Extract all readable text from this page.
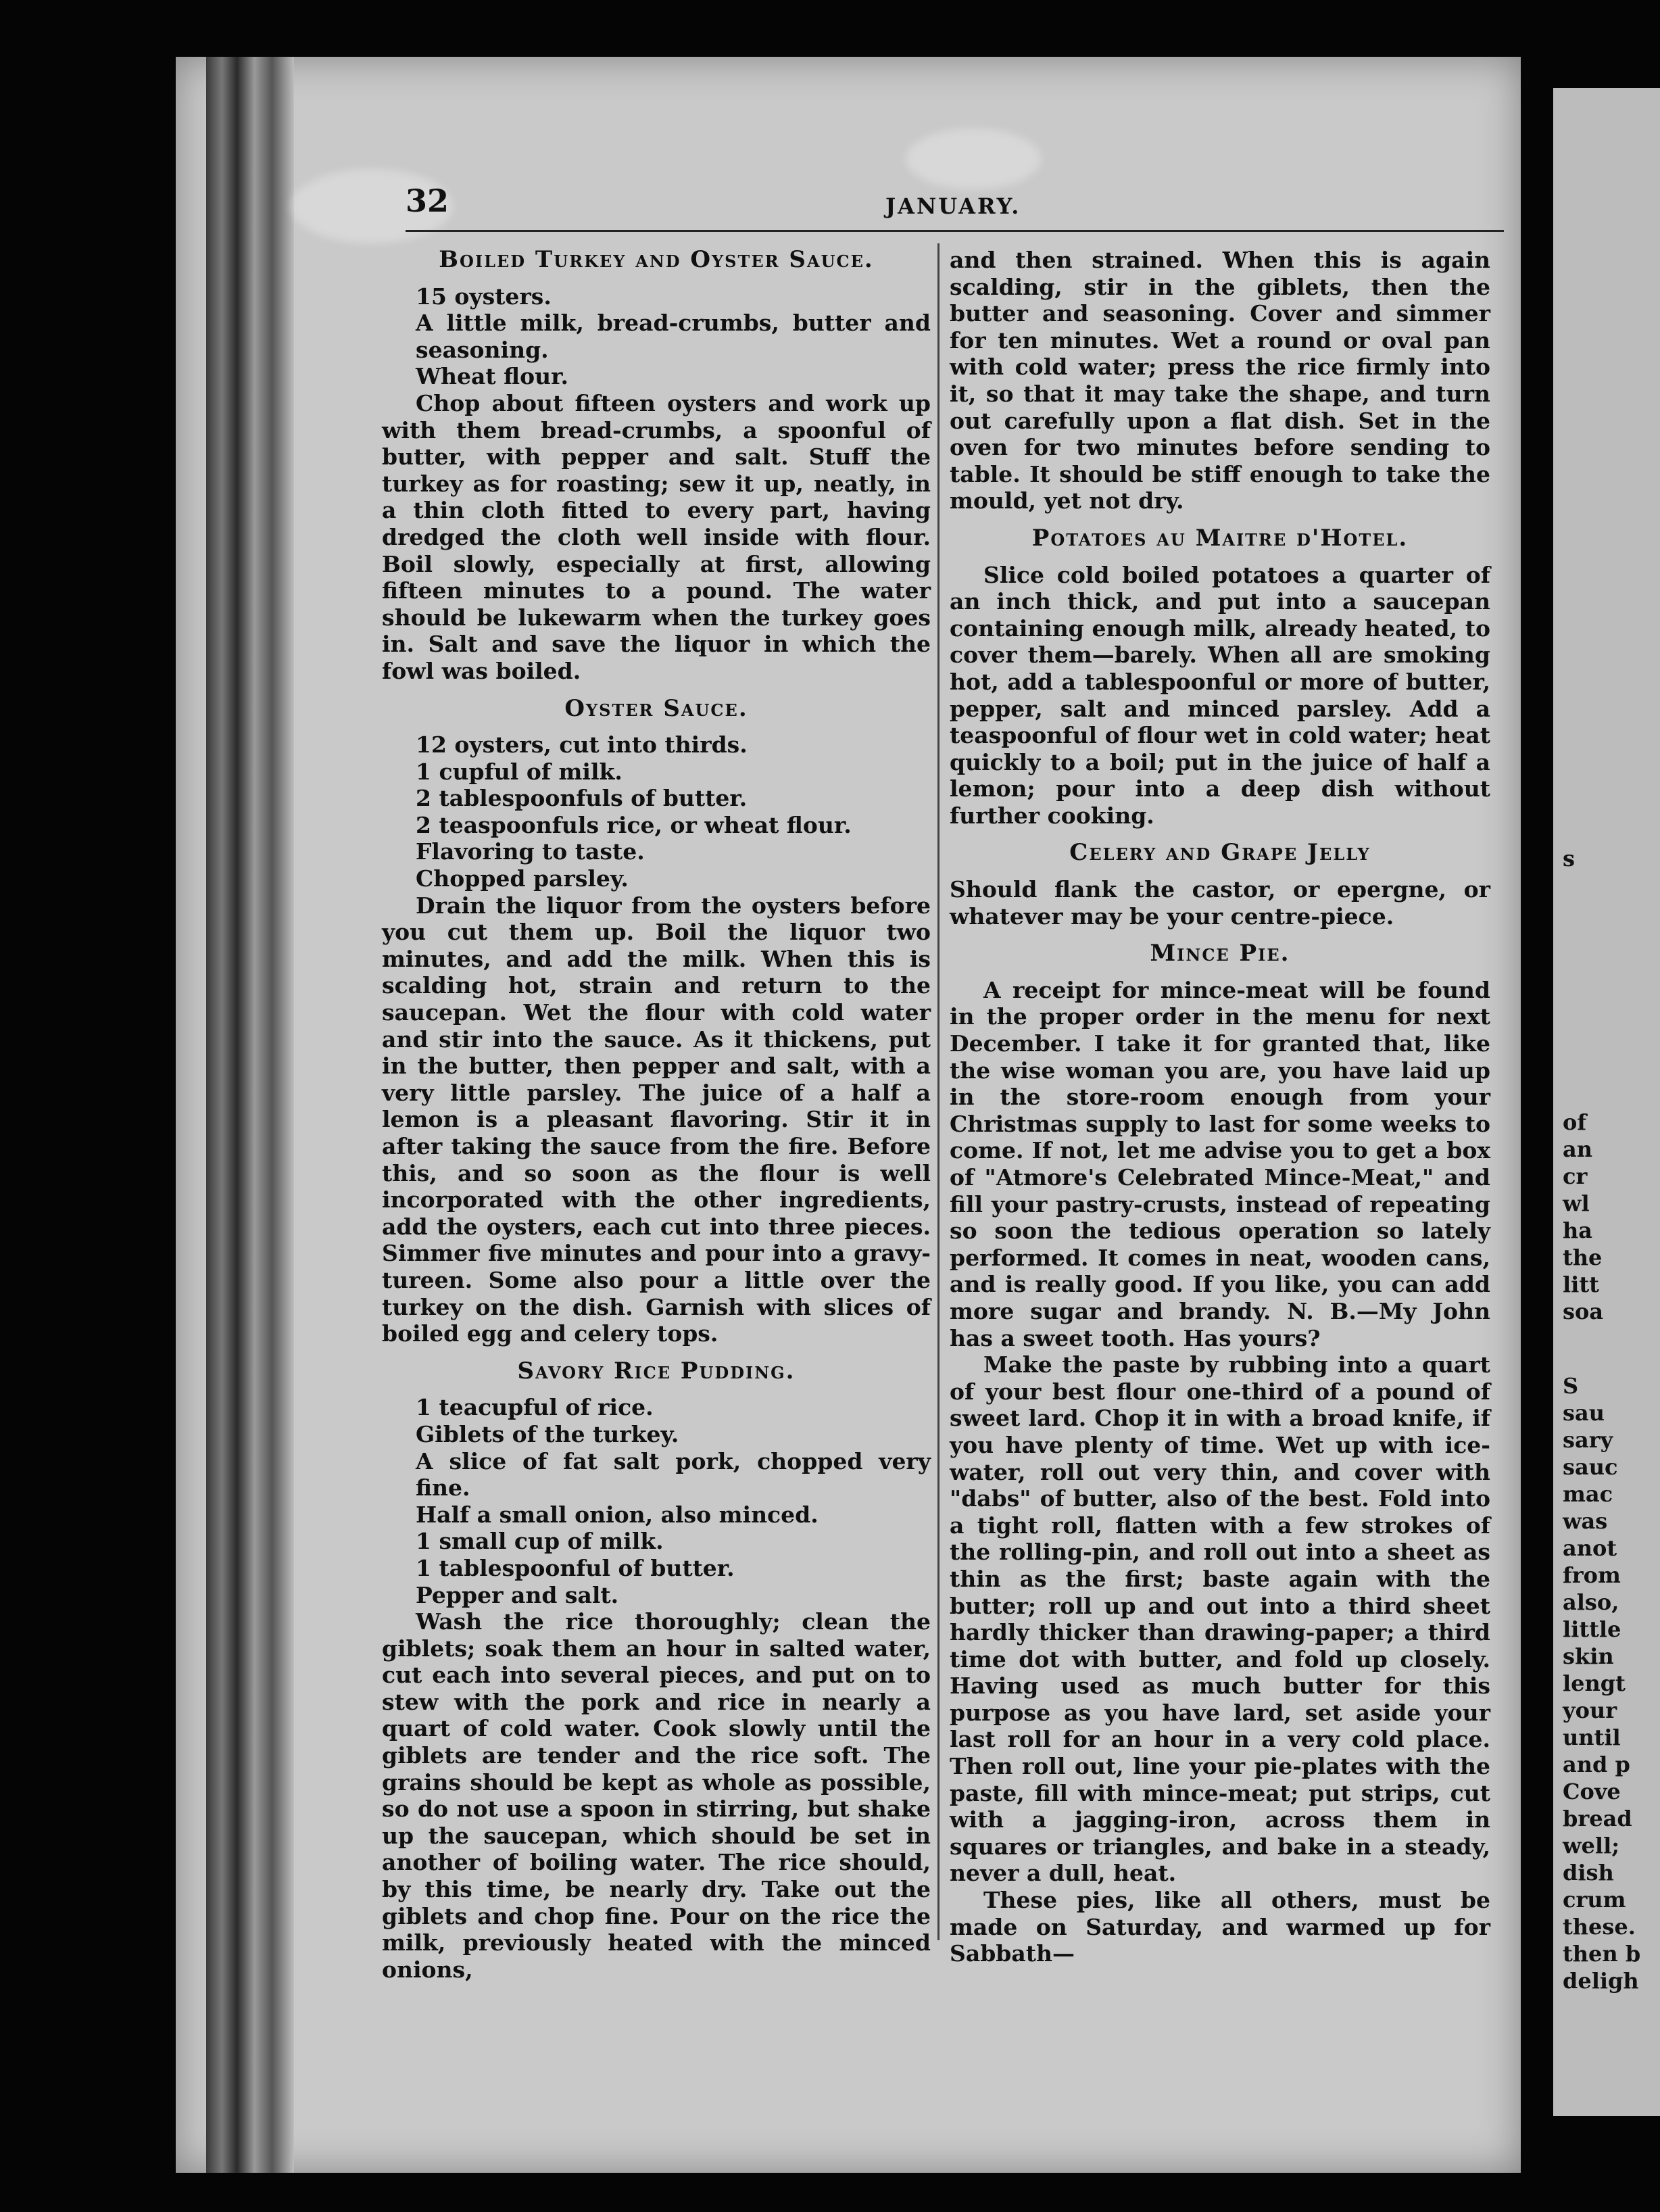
s
of
an
cr
wl
ha
the
litt
soa
S
sau
sary
sauc
mac
was
anot
from
also,
little
skin
lengt
your
until
and p
Cove
bread
well;
dish
crum
these.
then b
deligh
32	JANUARY.

Boiled Turkey and Oyster Sauce.

15 oysters.

A little milk, bread-crumbs, butter and seasoning.

Wheat flour.

Chop about fifteen oysters and work up with them bread-crumbs, a spoonful of butter, with pepper and salt. Stuff the turkey as for roasting; sew it up, neatly, in a thin cloth fitted to every part, having dredged the cloth well inside with flour. Boil slowly, especially at first, allowing fifteen minutes to a pound. The water should be lukewarm when the turkey goes in. Salt and save the liquor in which the fowl was boiled.

Oyster Sauce.

12 oysters, cut into thirds.

1 cupful of milk.

2 tablespoonfuls of butter.

2 teaspoonfuls rice, or wheat flour.

Flavoring to taste.

Chopped parsley.

Drain the liquor from the oysters before you cut them up. Boil the liquor two minutes, and add the milk. When this is scalding hot, strain and return to the saucepan. Wet the flour with cold water and stir into the sauce. As it thickens, put in the butter, then pepper and salt, with a very little parsley. The juice of a half a lemon is a pleasant flavoring. Stir it in after taking the sauce from the fire. Before this, and so soon as the flour is well incorporated with the other ingredients, add the oysters, each cut into three pieces. Simmer five minutes and pour into a gravy-tureen. Some also pour a little over the turkey on the dish. Garnish with slices of boiled egg and celery tops.

Savory Rice Pudding.

1 teacupful of rice.

Giblets of the turkey.

A slice of fat salt pork, chopped very fine.

Half a small onion, also minced.

1 small cup of milk.

1 tablespoonful of butter.

Pepper and salt.

Wash the rice thoroughly; clean the giblets; soak them an hour in salted water, cut each into several pieces, and put on to stew with the pork and rice in nearly a quart of cold water. Cook slowly until the giblets are tender and the rice soft. The grains should be kept as whole as possible, so do not use a spoon in stirring, but shake up the saucepan, which should be set in another of boiling water. The rice should, by this time, be nearly dry. Take out the giblets and chop fine. Pour on the rice the milk, previously heated with the minced onions,

and then strained. When this is again scalding, stir in the giblets, then the butter and seasoning. Cover and simmer for ten minutes. Wet a round or oval pan with cold water; press the rice firmly into it, so that it may take the shape, and turn out carefully upon a flat dish. Set in the oven for two minutes before sending to table. It should be stiff enough to take the mould, yet not dry.

Potatoes au Maitre d'Hotel.

Slice cold boiled potatoes a quarter of an inch thick, and put into a saucepan containing enough milk, already heated, to cover them—barely. When all are smoking hot, add a tablespoonful or more of butter, pepper, salt and minced parsley. Add a teaspoonful of flour wet in cold water; heat quickly to a boil; put in the juice of half a lemon; pour into a deep dish without further cooking.

Celery and Grape Jelly

Should flank the castor, or epergne, or whatever may be your centre-piece.

Mince Pie.

A receipt for mince-meat will be found in the proper order in the menu for next December. I take it for granted that, like the wise woman you are, you have laid up in the store-room enough from your Christmas supply to last for some weeks to come. If not, let me advise you to get a box of "Atmore's Celebrated Mince-Meat," and fill your pastry-crusts, instead of repeating so soon the tedious operation so lately performed. It comes in neat, wooden cans, and is really good. If you like, you can add more sugar and brandy. N. B.—My John has a sweet tooth. Has yours?

Make the paste by rubbing into a quart of your best flour one-third of a pound of sweet lard. Chop it in with a broad knife, if you have plenty of time. Wet up with ice-water, roll out very thin, and cover with "dabs" of butter, also of the best. Fold into a tight roll, flatten with a few strokes of the rolling-pin, and roll out into a sheet as thin as the first; baste again with the butter; roll up and out into a third sheet hardly thicker than drawing-paper; a third time dot with butter, and fold up closely. Having used as much butter for this purpose as you have lard, set aside your last roll for an hour in a very cold place. Then roll out, line your pie-plates with the paste, fill with mince-meat; put strips, cut with a jagging-iron, across them in squares or triangles, and bake in a steady, never a dull, heat.

These pies, like all others, must be made on Saturday, and warmed up for Sabbath—
